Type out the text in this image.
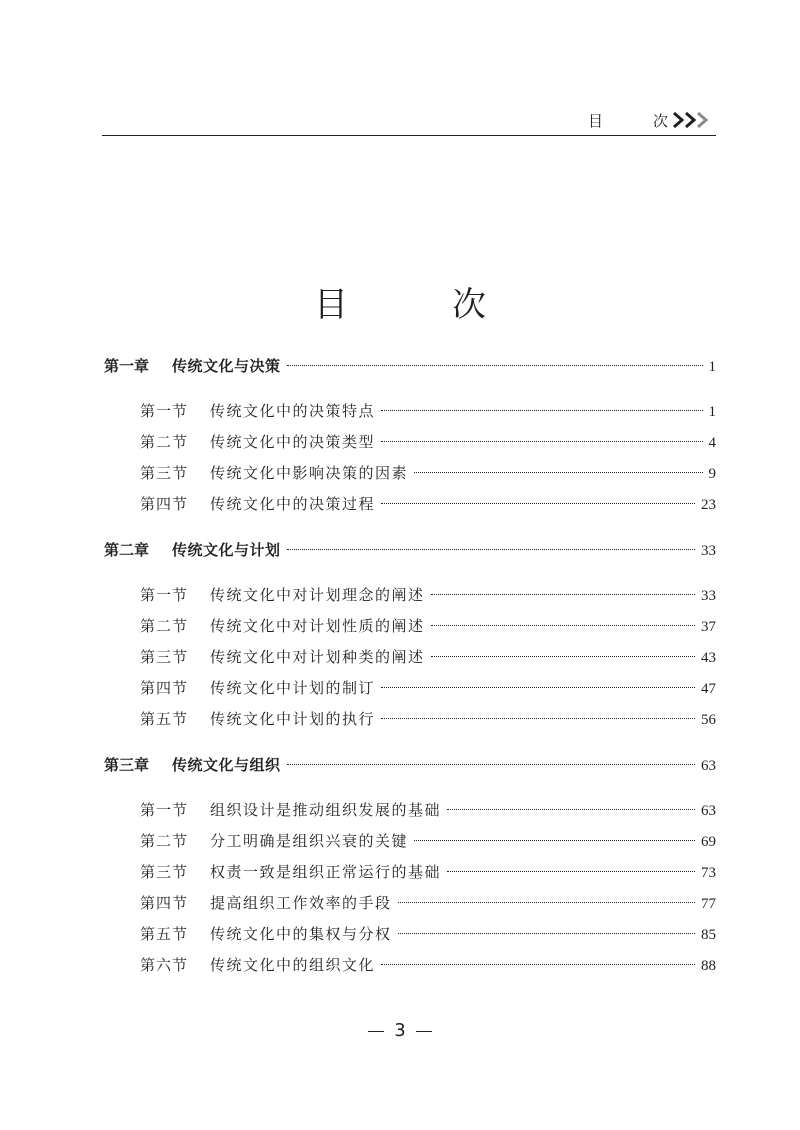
目	次
目	次
第一章	传统文化与决策	1
第一节	传统文化中的决策特点	1
第二节	传统文化中的决策类型	4
第三节	传统文化中影响决策的因素	9
第四节	传统文化中的决策过程	23
第二章	传统文化与计划	33
第一节	传统文化中对计划理念的阐述	33
第二节	传统文化中对计划性质的阐述	37
第三节	传统文化中对计划种类的阐述	43
第四节	传统文化中计划的制订	47
第五节	传统文化中计划的执行	56
第三章	传统文化与组织	63
第一节	组织设计是推动组织发展的基础	63
第二节	分工明确是组织兴衰的关键	69
第三节	权责一致是组织正常运行的基础	73
第四节	提高组织工作效率的手段	77
第五节	传统文化中的集权与分权	85
第六节	传统文化中的组织文化	88
3
